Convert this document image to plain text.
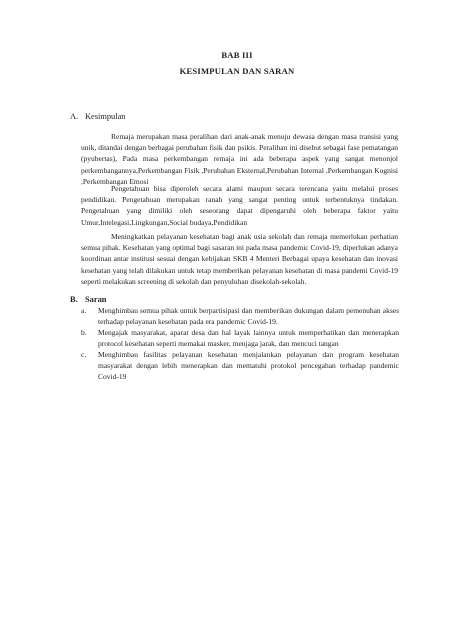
BAB III
KESIMPULAN DAN SARAN
A. Kesimpulan

Remaja merupakan masa peralihan dari anak-anak menuju dewasa dengan masa transisi yang unik, ditandai dengan berbagai perubahan fisik dan psikis. Peralihan ini disebut sebagai fase pematangan (pyubertas), Pada masa perkembangan remaja ini ada beberapa aspek yang sangat menonjol perkembangannya,Perkembangan Fisik ,Perubahan Eksternal,Perubahan Internal ,Perkembangan Kognisi ,Perkembangan Emosi

Pengetahuan bisa diperoleh secara alami maupun secara terencana yaitu melalui proses pendidikan. Pengetahuan merupakan ranah yang sangat penting untuk terbentuknya tindakan. Pengetahuan yang dimiliki oleh seseorang dapat dipengaruhi oleh beberapa faktor yaitu Umur,Intelegasi,Lingkungan,Social budaya,Pendidikan

Meningkatkan pelayanan kesehatan bagi anak usia sekolah dan remaja memerlukan perhatian semua pihak. Kesehatan yang optimal bagi sasaran ini pada masa pandemic Covid-19, diperlukan adanya koordinan antar institusi sesuai dengan kebijakan SKB 4 Menteri Berbagai upaya kesehatan dan inovasi kesehatan yang telah dilakukan untuk tetap memberikan pelayanan kesehatan di masa pandemi Covid-19 seperti melakukan screening di sekolah dan penyuluhan disekolah-sekolah.

B. Saran
a. Menghimbau semua pihak untuk berpartisipasi dan memberikan dukungan dalam pemenuhan akses terhadap pelayanan kesehatan pada era pandemic Covid-19.
b. Mengajak masyarakat, aparat desa dan hal layak lainnya untuk memperhatikan dan menerapkan protocol kesehatan seperti memakai masker, menjaga jarak, dan mencuci tangan
c. Menghimbau fasilitas pelayanan kesehatan menjalankan pelayanan dan program kesehatan masyarakat dengan lebih menerapkan dan mematuhi protokol pencegahan terhadap pandemic Covid-19
